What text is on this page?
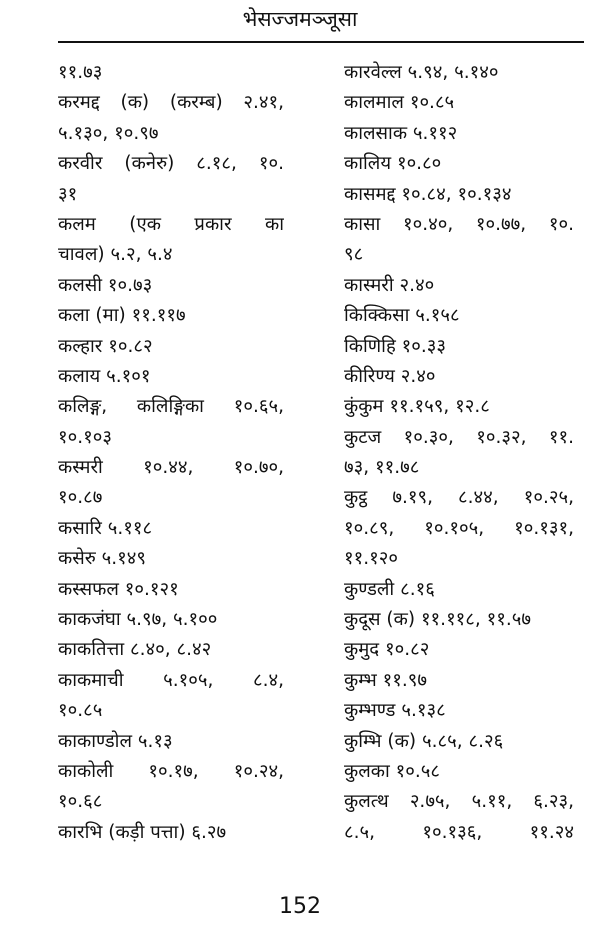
भेसज्जमञ्जूसा
११.७३
करमद्द (क) (करम्ब) २.४१,
५.१३०, १०.९७
करवीर (कनेरु) ८.१८, १०.
३१
कलम (एक प्रकार का
चावल) ५.२, ५.४
कलसी १०.७३
कला (मा) ११.११७
कल्हार १०.८२
कलाय ५.१०१
कलिङ्ग, कलिङ्गिका १०.६५,
१०.१०३
कस्मरी १०.४४, १०.७०,
१०.८७
कसारि ५.११८
कसेरु ५.१४९
कस्सफल १०.१२१
काकजंघा ५.९७, ५.१००
काकतित्ता ८.४०, ८.४२
काकमाची ५.१०५, ८.४,
१०.८५
काकाण्डोल ५.१३
काकोली १०.१७, १०.२४,
१०.६८
कारभि (कड़ी पत्ता) ६.२७
कारवेल्ल ५.९४, ५.१४०
कालमाल १०.८५
कालसाक ५.११२
कालिय १०.८०
कासमद्द १०.८४, १०.१३४
कासा १०.४०, १०.७७, १०.
९८
कास्मरी २.४०
किक्किसा ५.१५८
किणिहि १०.३३
कीरिण्य २.४०
कुंकुम ११.१५९, १२.८
कुटज १०.३०, १०.३२, ११.
७३, ११.७८
कुट्ठ ७.१९, ८.४४, १०.२५,
१०.८९, १०.१०५, १०.१३१,
११.१२०
कुण्डली ८.१६
कुदूस (क) ११.११८, ११.५७
कुमुद १०.८२
कुम्भ ११.९७
कुम्भण्ड ५.१३८
कुम्भि (क) ५.८५, ८.२६
कुलका १०.५८
कुलत्थ २.७५, ५.११, ६.२३,
८.५, १०.१३६, ११.२४
152
